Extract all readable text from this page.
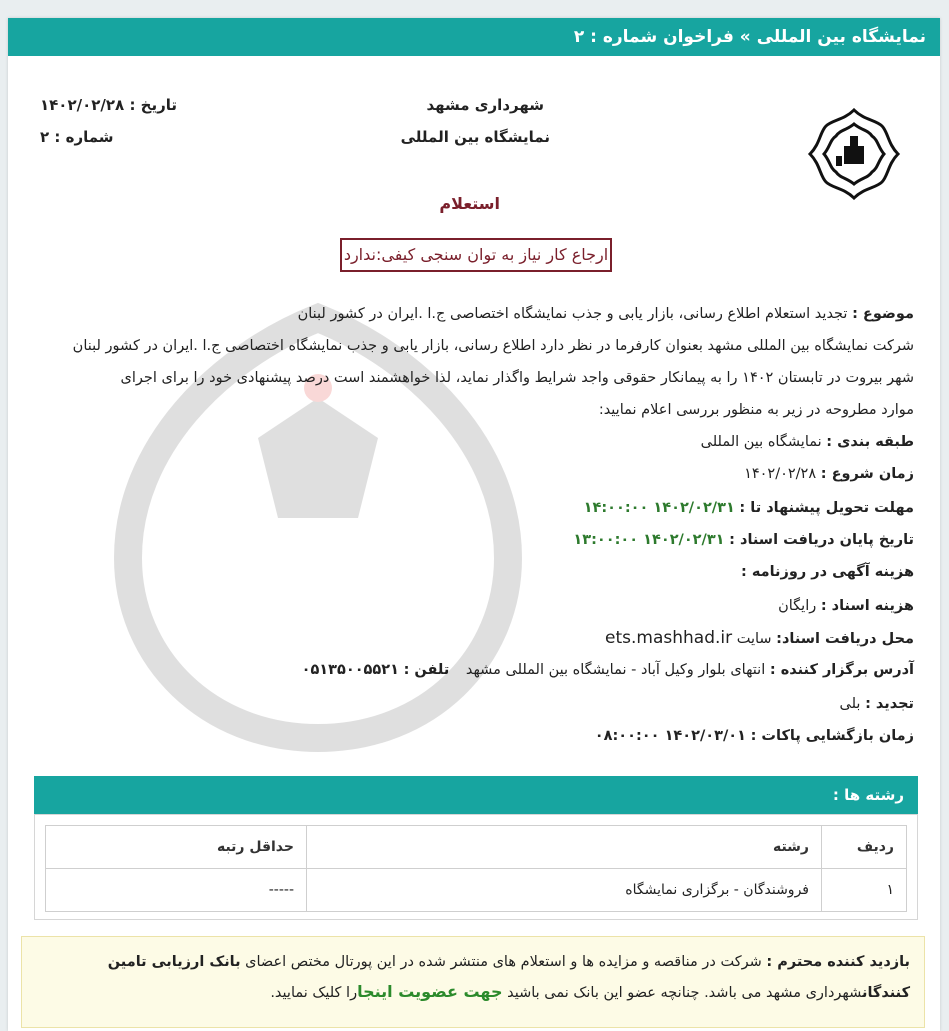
نمایشگاه بین المللی » فراخوان شماره : ۲
شهرداری مشهد
نمایشگاه بین المللی
تاریخ : ۱۴۰۲/۰۲/۲۸
شماره : ۲
استعلام
ارجاع کار نیاز به توان سنجی کیفی:ندارد
موضوع : تجدید استعلام اطلاع رسانی، بازار یابی و جذب نمایشگاه اختصاصی ج.ا .ایران در کشور لبنان
شرکت نمایشگاه بین المللی مشهد بعنوان کارفرما در نظر دارد اطلاع رسانی، بازار یابی و جذب نمایشگاه اختصاصی ج.ا .ایران در کشور لبنان
شهر بیروت در تابستان ۱۴۰۲ را به پیمانکار حقوقی واجد شرایط واگذار نماید، لذا خواهشمند است درصد پیشنهادی خود را برای اجرای
موارد مطروحه در زیر به منظور بررسی اعلام نمایید:
طبقه بندی : نمایشگاه بین المللی
زمان شروع : ۱۴۰۲/۰۲/۲۸
مهلت تحویل پیشنهاد تا : ۱۴۰۲/۰۲/۳۱ ۱۴:۰۰:۰۰
تاریخ پایان دریافت اسناد : ۱۴۰۲/۰۲/۳۱ ۱۳:۰۰:۰۰
هزینه آگهی در روزنامه :
هزینه اسناد : رایگان
محل دریافت اسناد: سایت ets.mashhad.ir
آدرس برگزار کننده : انتهای بلوار وکیل آباد - نمایشگاه بین المللی مشهد تلفن : ۰۵۱۳۵۰۰۵۵۲۱
تجدید : بلی
زمان بازگشایی پاکات : ۱۴۰۲/۰۳/۰۱ ۰۸:۰۰:۰۰
رشته ها :
ردیف	رشته	حداقل رتبه
۱	فروشندگان - برگزاری نمایشگاه	-----
بازدید کننده محترم : شرکت در مناقصه و مزایده ها و استعلام های منتشر شده در این پورتال مختص اعضای بانک ارزیابی تامین کنندگانشهرداری مشهد می باشد. چنانچه عضو این بانک نمی باشید جهت عضویت اینجارا کلیک نمایید.
